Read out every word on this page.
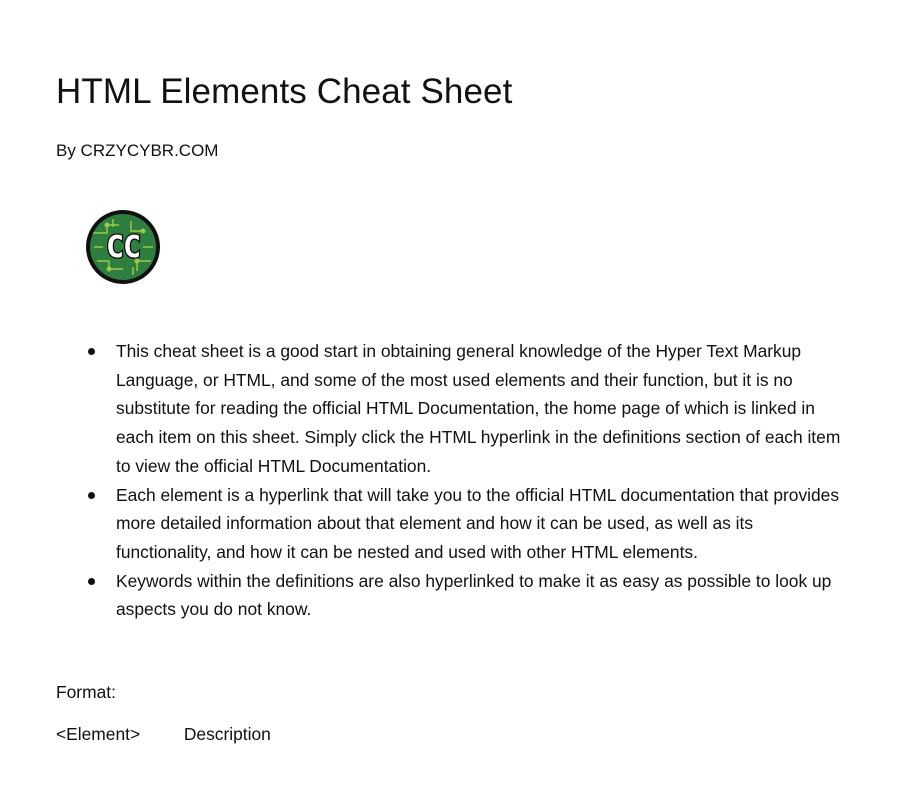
HTML Elements Cheat Sheet

By CRZYCYBR.COM

CC
This cheat sheet is a good start in obtaining general knowledge of the Hyper Text Markup Language, or HTML, and some of the most used elements and their function, but it is no substitute for reading the official HTML Documentation, the home page of which is linked in each item on this sheet. Simply click the HTML hyperlink in the definitions section of each item to view the official HTML Documentation.
Each element is a hyperlink that will take you to the official HTML documentation that provides more detailed information about that element and how it can be used, as well as its functionality, and how it can be nested and used with other HTML elements.
Keywords within the definitions are also hyperlinked to make it as easy as possible to look up aspects you do not know.

Format:

<Element>	Description
